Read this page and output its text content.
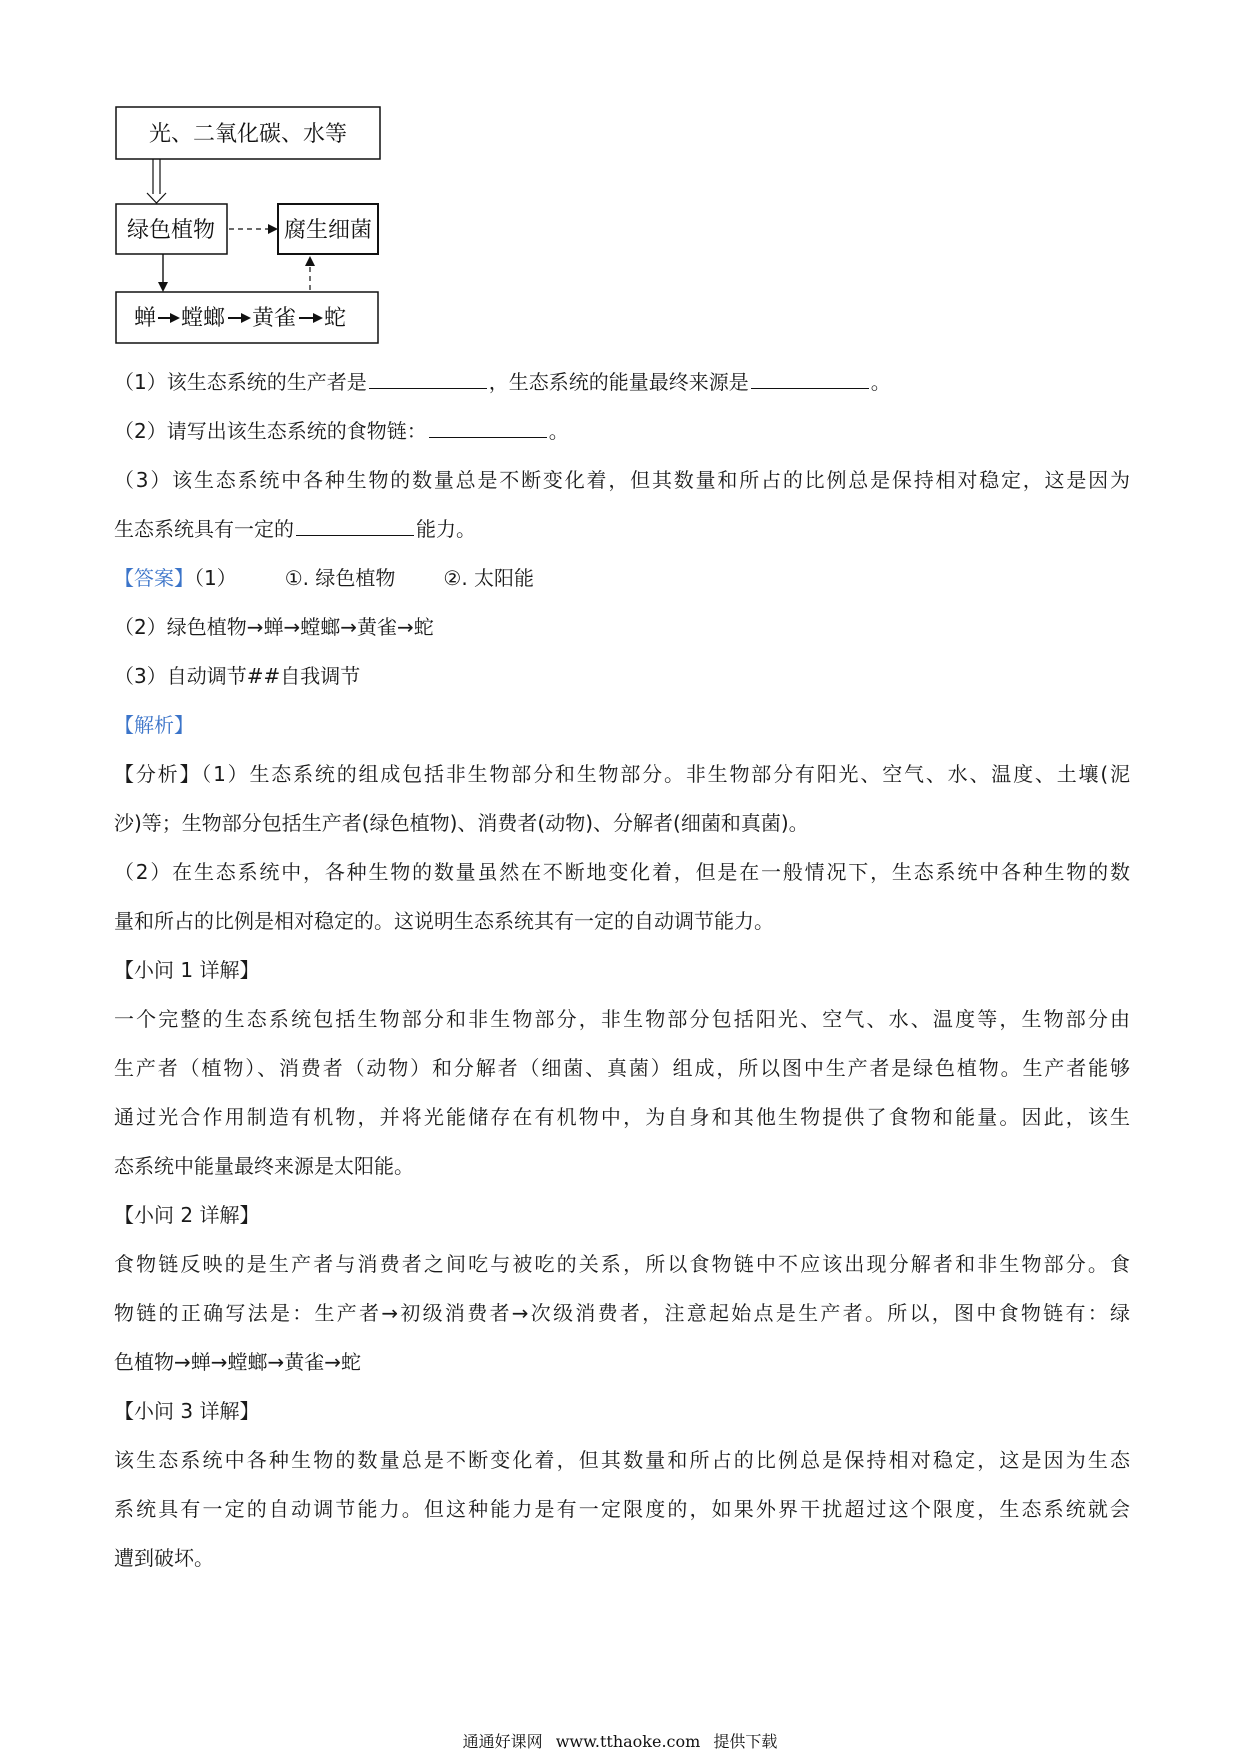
光、二氧化碳、水等
绿色植物	腐生细菌
蝉 螳螂 黄雀 蛇

（1）该生态系统的生产者是	，生态系统的能量最终来源是	。

（2）请写出该生态系统的食物链：	。

（3）该生态系统中各种生物的数量总是不断变化着，但其数量和所占的比例总是保持相对稳定，这是因为

生态系统具有一定的	能力。

【答案】（1） ①. 绿色植物 ②. 太阳能

（2）绿色植物→蝉→螳螂→黄雀→蛇

（3）自动调节##自我调节

【解析】

【分析】（1）生态系统的组成包括非生物部分和生物部分。非生物部分有阳光、空气、水、温度、土壤(泥

沙)等；生物部分包括生产者(绿色植物)、消费者(动物)、分解者(细菌和真菌)。

（2）在生态系统中，各种生物的数量虽然在不断地变化着，但是在一般情况下，生态系统中各种生物的数

量和所占的比例是相对稳定的。这说明生态系统其有一定的自动调节能力。

【小问 1 详解】

一个完整的生态系统包括生物部分和非生物部分，非生物部分包括阳光、空气、水、温度等，生物部分由

生产者（植物）、消费者（动物）和分解者（细菌、真菌）组成，所以图中生产者是绿色植物。生产者能够

通过光合作用制造有机物，并将光能储存在有机物中，为自身和其他生物提供了食物和能量。因此，该生

态系统中能量最终来源是太阳能。

【小问 2 详解】

食物链反映的是生产者与消费者之间吃与被吃的关系，所以食物链中不应该出现分解者和非生物部分。食

物链的正确写法是：生产者→初级消费者→次级消费者，注意起始点是生产者。所以，图中食物链有：绿

色植物→蝉→螳螂→黄雀→蛇

【小问 3 详解】

该生态系统中各种生物的数量总是不断变化着，但其数量和所占的比例总是保持相对稳定，这是因为生态

系统具有一定的自动调节能力。但这种能力是有一定限度的，如果外界干扰超过这个限度，生态系统就会

遭到破坏。

通通好课网 www.tthaoke.com 提供下载
